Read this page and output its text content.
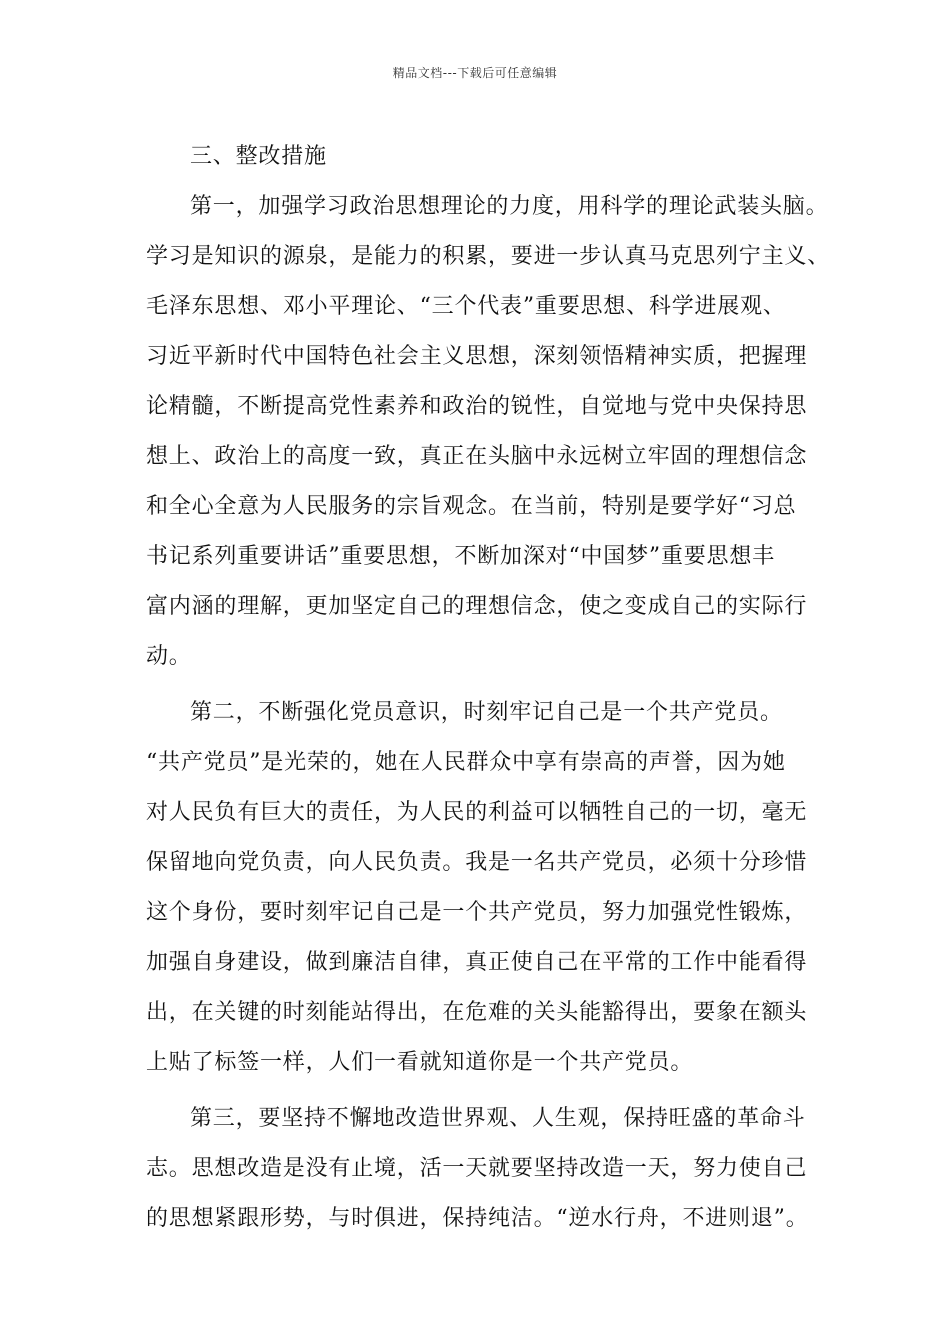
精品文档---下载后可任意编辑
三、整改措施
第一，加强学习政治思想理论的力度，用科学的理论武装头脑。
学习是知识的源泉，是能力的积累，要进一步认真马克思列宁主义、
毛泽东思想、邓小平理论、“三个代表”重要思想、科学进展观、
习近平新时代中国特色社会主义思想，深刻领悟精神实质，把握理
论精髓，不断提高党性素养和政治的锐性，自觉地与党中央保持思
想上、政治上的高度一致，真正在头脑中永远树立牢固的理想信念
和全心全意为人民服务的宗旨观念。在当前，特别是要学好“习总
书记系列重要讲话”重要思想，不断加深对“中国梦”重要思想丰
富内涵的理解，更加坚定自己的理想信念，使之变成自己的实际行
动。
第二，不断强化党员意识，时刻牢记自己是一个共产党员。
“共产党员”是光荣的，她在人民群众中享有崇高的声誉，因为她
对人民负有巨大的责任，为人民的利益可以牺牲自己的一切，毫无
保留地向党负责，向人民负责。我是一名共产党员，必须十分珍惜
这个身份，要时刻牢记自己是一个共产党员，努力加强党性锻炼，
加强自身建设，做到廉洁自律，真正使自己在平常的工作中能看得
出，在关键的时刻能站得出，在危难的关头能豁得出，要象在额头
上贴了标签一样，人们一看就知道你是一个共产党员。
第三，要坚持不懈地改造世界观、人生观，保持旺盛的革命斗
志。思想改造是没有止境，活一天就要坚持改造一天，努力使自己
的思想紧跟形势，与时俱进，保持纯洁。“逆水行舟，不进则退”。
